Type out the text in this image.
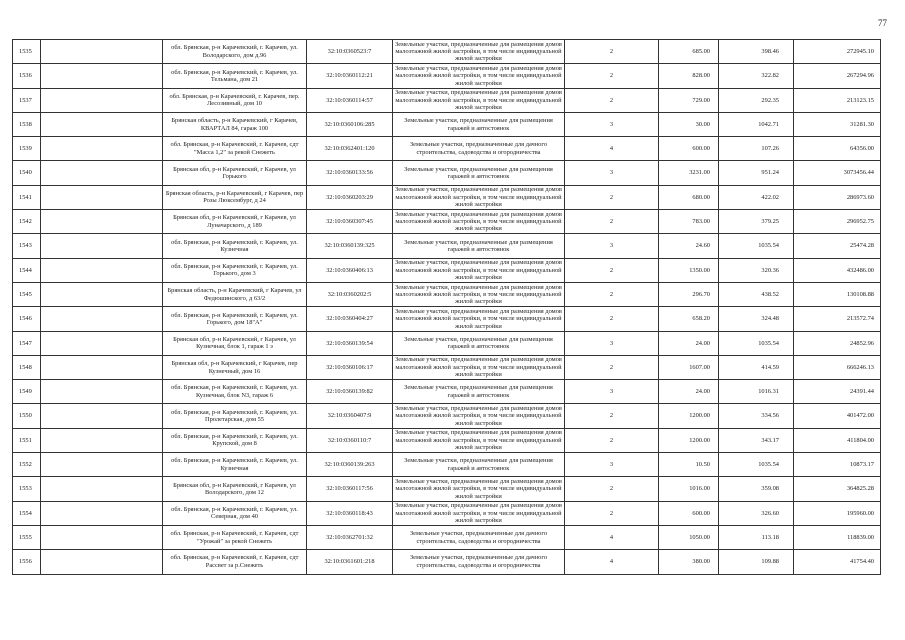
77
1535		обл. Брянская, р-н Карачевский, г. Карачев, ул. Володарского, дом д.96	32:10:0360523:7	Земельные участки, предназначенные для размещения домов малоэтажной жилой застройки, в том числе индивидуальной жилой застройки	2	685.00	398.46	272945.10
1536		обл. Брянская, р-н Карачевский, г. Карачев, ул. Тельмана, дом 21	32:10:0360112:21	Земельные участки, предназначенные для размещения домов малоэтажной жилой застройки, в том числе индивидуальной жилой застройки	2	828.00	322.82	267294.96
1537		обл. Брянская, р-н Карачевский, г. Карачев, пер. Лесозивный, дом 10	32:10:0360114:57	Земельные участки, предназначенные для размещения домов малоэтажной жилой застройки, в том числе индивидуальной жилой застройки	2	729.00	292.35	213123.15
1538		Брянская область, р-н Карачевский, г Карачев, КВАРТАЛ 84, гараж 100	32:10:0360106:285	Земельные участки, предназначенные для размещения гаражей и автостоянок	3	30.00	1042.71	31281.30
1539		обл. Брянская, р-н Карачевский, г. Карачев, сдт "Масса 1,2" за рекой Снежеть	32:10:0362401:120	Земельные участки, предназначенные для дачного строительства, садоводства и огородничества	4	600.00	107.26	64356.00
1540		Брянская обл, р-н Карачевский, г Карачев, ул Горького	32:10:0360133:56	Земельные участки, предназначенные для размещения гаражей и автостоянок	3	3231.00	951.24	3073456.44
1541		Брянская область, р-н Карачевский, г Карачев, пер Розы Люксембург, д 24	32:10:0360203:29	Земельные участки, предназначенные для размещения домов малоэтажной жилой застройки, в том числе индивидуальной жилой застройки	2	680.00	422.02	286973.60
1542		Брянская обл, р-н Карачевский, г Карачев, ул Луначарского, д 189	32:10:0360307:45	Земельные участки, предназначенные для размещения домов малоэтажной жилой застройки, в том числе индивидуальной жилой застройки	2	783.00	379.25	296952.75
1543		обл. Брянская, р-н Карачевский, г. Карачев, ул. Кузнечная	32:10:0360139:325	Земельные участки, предназначенные для размещения гаражей и автостоянок	3	24.60	1035.54	25474.28
1544		обл. Брянская, р-н Карачевский, г. Карачев, ул. Горького, дом 3	32:10:0360406:13	Земельные участки, предназначенные для размещения домов малоэтажной жилой застройки, в том числе индивидуальной жилой застройки	2	1350.00	320.36	432486.00
1545		Брянская область, р-н Карачевский, г Карачев, ул Федюшинского, д 63/2	32:10:0360202:5	Земельные участки, предназначенные для размещения домов малоэтажной жилой застройки, в том числе индивидуальной жилой застройки	2	296.70	438.52	130108.88
1546		обл. Брянская, р-н Карачевский, г. Карачев, ул. Горького, дом 18"А"	32:10:0360404:27	Земельные участки, предназначенные для размещения домов малоэтажной жилой застройки, в том числе индивидуальной жилой застройки	2	658.20	324.48	213572.74
1547		Брянская обл, р-н Карачевский, г Карачев, ул Кузнечная, блок 1, гараж 1 э	32:10:0360139:54	Земельные участки, предназначенные для размещения гаражей и автостоянок	3	24.00	1035.54	24852.96
1548		Брянская обл, р-н Карачевский, г Карачев, пер Кузнечный, дом 16	32:10:0360106:17	Земельные участки, предназначенные для размещения домов малоэтажной жилой застройки, в том числе индивидуальной жилой застройки	2	1607.00	414.59	666246.13
1549		обл. Брянская, р-н Карачевский, г. Карачев, ул. Кузнечная, блок N3, гараж 6	32:10:0360139:82	Земельные участки, предназначенные для размещения гаражей и автостоянок	3	24.00	1016.31	24391.44
1550		обл. Брянская, р-н Карачевский, г. Карачев, ул. Пролетарская, дом 55	32:10:0360407:9	Земельные участки, предназначенные для размещения домов малоэтажной жилой застройки, в том числе индивидуальной жилой застройки	2	1200.00	334.56	401472.00
1551		обл. Брянская, р-н Карачевский, г. Карачев, ул. Крупской, дом 8	32:10:0360110:7	Земельные участки, предназначенные для размещения домов малоэтажной жилой застройки, в том числе индивидуальной жилой застройки	2	1200.00	343.17	411804.00
1552		обл. Брянская, р-н Карачевский, г. Карачев, ул. Кузнечная	32:10:0360139:263	Земельные участки, предназначенные для размещения гаражей и автостоянок	3	10.50	1035.54	10873.17
1553		Брянская обл, р-н Карачевский, г Карачев, ул Володарского, дом 12	32:10:0360117:56	Земельные участки, предназначенные для размещения домов малоэтажной жилой застройки, в том числе индивидуальной жилой застройки	2	1016.00	359.08	364825.28
1554		обл. Брянская, р-н Карачевский, г. Карачев, ул. Северная, дом 40	32:10:0360118:43	Земельные участки, предназначенные для размещения домов малоэтажной жилой застройки, в том числе индивидуальной жилой застройки	2	600.00	326.60	195960.00
1555		обл. Брянская, р-н Карачевский, г. Карачев, сдт "Урожай" за рекой Снежеть	32:10:0362701:32	Земельные участки, предназначенные для дачного строительства, садоводства и огородничества	4	1050.00	113.18	118839.00
1556		обл. Брянская, р-н Карачевский, г. Карачев, сдт Рассвет за р.Снежеть	32:10:0361601:218	Земельные участки, предназначенные для дачного строительства, садоводства и огородничества	4	380.00	109.88	41754.40
